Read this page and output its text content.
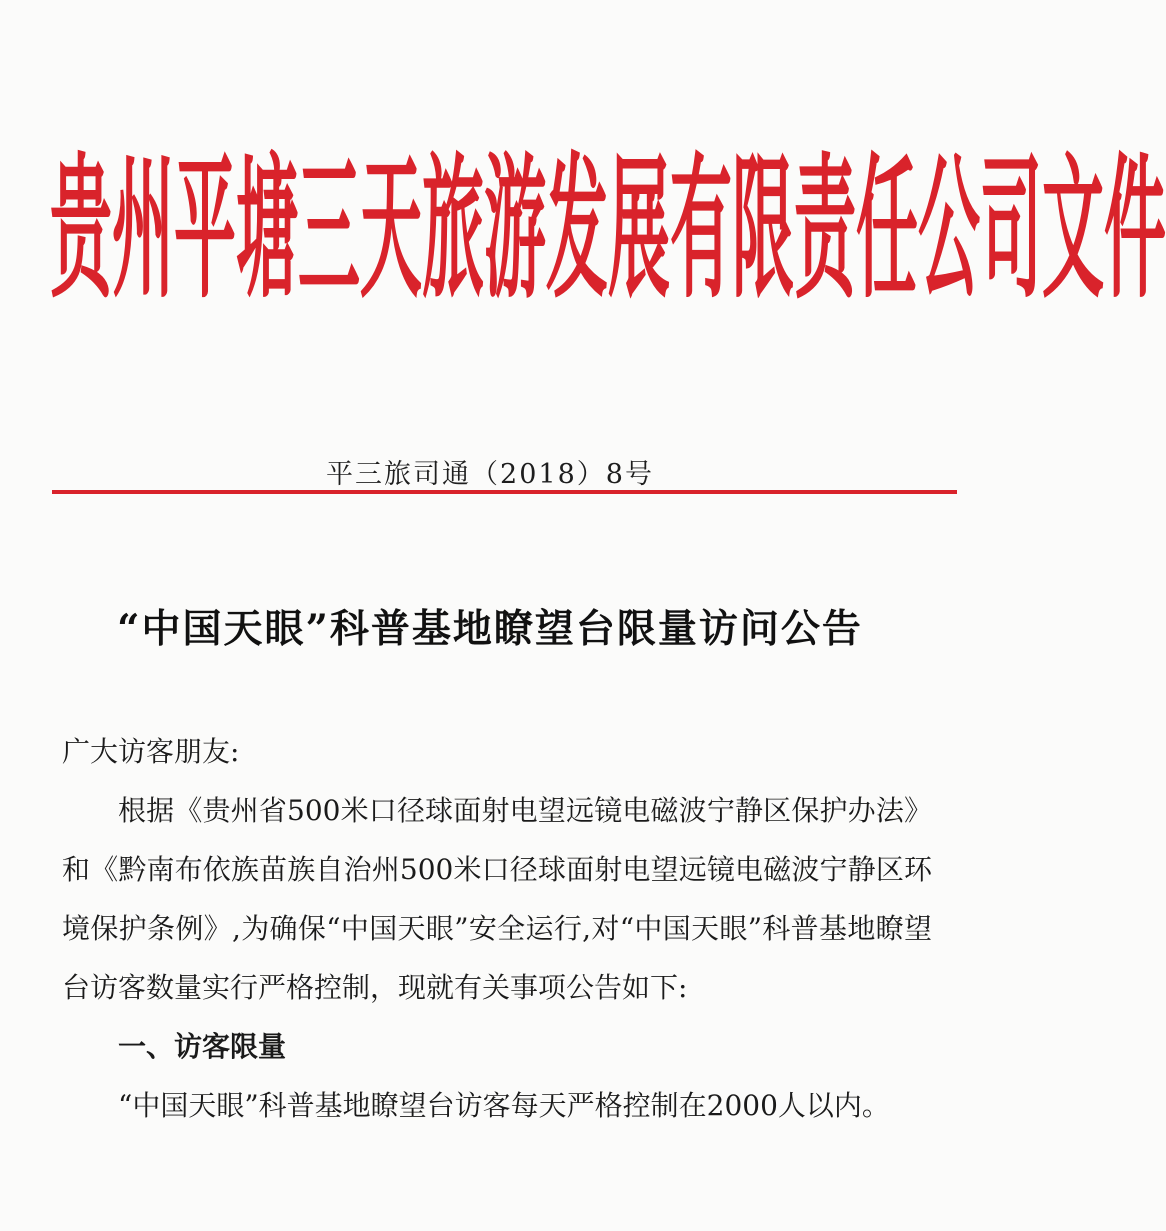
贵州平塘三天旅游发展有限责任公司文件
平三旅司通（2018）8号
“中国天眼”科普基地瞭望台限量访问公告

广大访客朋友:

根据《贵州省500米口径球面射电望远镜电磁波宁静区保护办法》和《黔南布依族苗族自治州500米口径球面射电望远镜电磁波宁静区环境保护条例》,为确保“中国天眼”安全运行,对“中国天眼”科普基地瞭望台访客数量实行严格控制，现就有关事项公告如下:

一、访客限量

“中国天眼”科普基地瞭望台访客每天严格控制在2000人以内。
